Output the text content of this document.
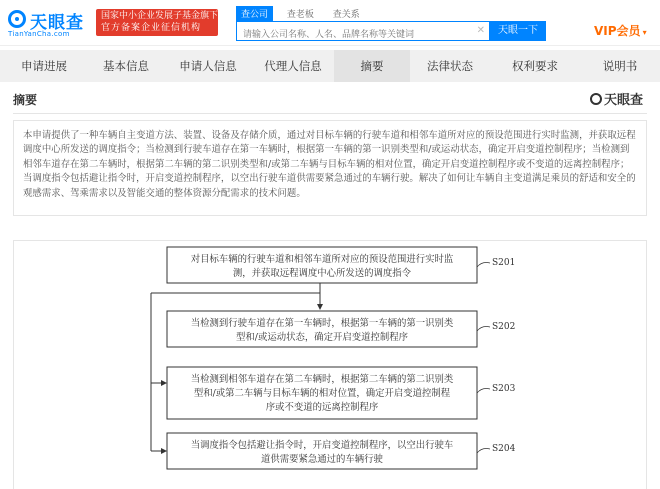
天眼查
TianYanCha.com
国家中小企业发展子基金旗下
官方备案企业征信机构
查公司 查老板 查关系
请输入公司名称、人名、品牌名称等关键词
✕	天眼一下	VIP会员 ▾
申请进展	基本信息	申请人信息	代理人信息	摘要	法律状态	权利要求	说明书
摘要	天眼查
本申请提供了一种车辆自主变道方法、装置、设备及存储介质，通过对目标车辆的行驶车道和相邻车道所对应的预设范围进行实时监测，并获取远程调度中心所发送的调度指令；当检测到行驶车道存在第一车辆时，根据第一车辆的第一识别类型和/或运动状态，确定开启变道控制程序；当检测到相邻车道存在第二车辆时，根据第二车辆的第二识别类型和/或第二车辆与目标车辆的相对位置，确定开启变道控制程序或不变道的远离控制程序；当调度指令包括避让指令时，开启变道控制程序，以空出行驶车道供需要紧急通过的车辆行驶。解决了如何让车辆自主变道满足乘员的舒适和安全的观感需求、驾乘需求以及智能交通的整体资源分配需求的技术问题。
对目标车辆的行驶车道和相邻车道所对应的预设范围进行实时监
测，并获取远程调度中心所发送的调度指令
S201
当检测到行驶车道存在第一车辆时，根据第一车辆的第一识别类
型和/或运动状态，确定开启变道控制程序
S202
当检测到相邻车道存在第二车辆时，根据第二车辆的第二识别类
型和/或第二车辆与目标车辆的相对位置，确定开启变道控制程
序或不变道的远离控制程序
S203
当调度指令包括避让指令时，开启变道控制程序，以空出行驶车
道供需要紧急通过的车辆行驶
S204
